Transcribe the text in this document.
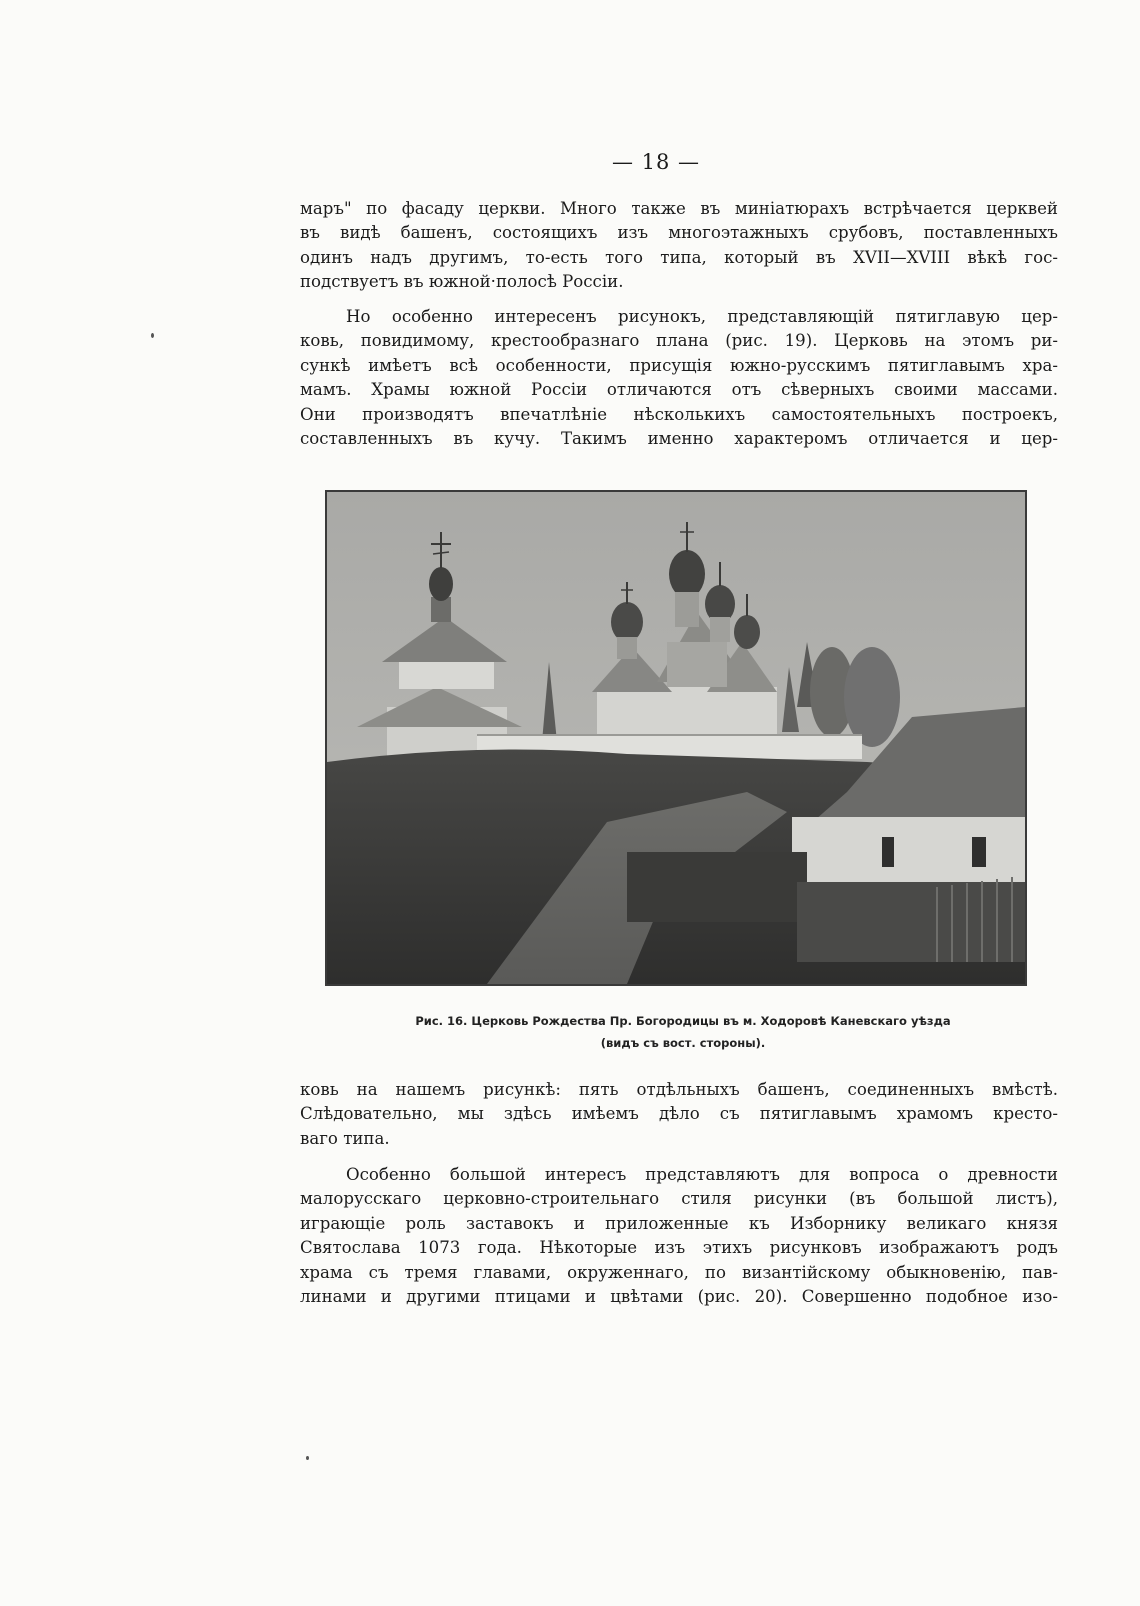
— 18 —
маръ" по фасаду церкви. Много также въ миніатюрахъ встрѣчается церквей
въ видѣ башенъ, состоящихъ изъ многоэтажныхъ срубовъ, поставленныхъ
одинъ надъ другимъ, то-есть того типа, который въ XVII—XVIII вѣкѣ гос-
подствуетъ въ южной·полосѣ Россіи.
Но особенно интересенъ рисунокъ, представляющій пятиглавую цер-
ковь, повидимому, крестообразнаго плана (рис. 19). Церковь на этомъ ри-
сункѣ имѣетъ всѣ особенности, присущія южно-русскимъ пятиглавымъ хра-
мамъ. Храмы южной Россіи отличаются отъ сѣверныхъ своими массами.
Они производятъ впечатлѣніе нѣсколькихъ самостоятельныхъ построекъ,
составленныхъ въ кучу. Такимъ именно характеромъ отличается и цер-
Рис. 16. Церковь Рождества Пр. Богородицы въ м. Ходоровѣ Каневскаго уѣзда
(видъ съ вост. стороны).
ковь на нашемъ рисункѣ: пять отдѣльныхъ башенъ, соединенныхъ вмѣстѣ.
Слѣдовательно, мы здѣсь имѣемъ дѣло съ пятиглавымъ храмомъ кресто-
ваго типа.
Особенно большой интересъ представляютъ для вопроса о древности
малорусскаго церковно-строительнаго стиля рисунки (въ большой листъ),
играющіе роль заставокъ и приложенные къ Изборнику великаго князя
Святослава 1073 года. Нѣкоторые изъ этихъ рисунковъ изображаютъ родъ
храма съ тремя главами, окруженнаго, по византійскому обыкновенію, пав-
линами и другими птицами и цвѣтами (рис. 20). Совершенно подобное изо-
